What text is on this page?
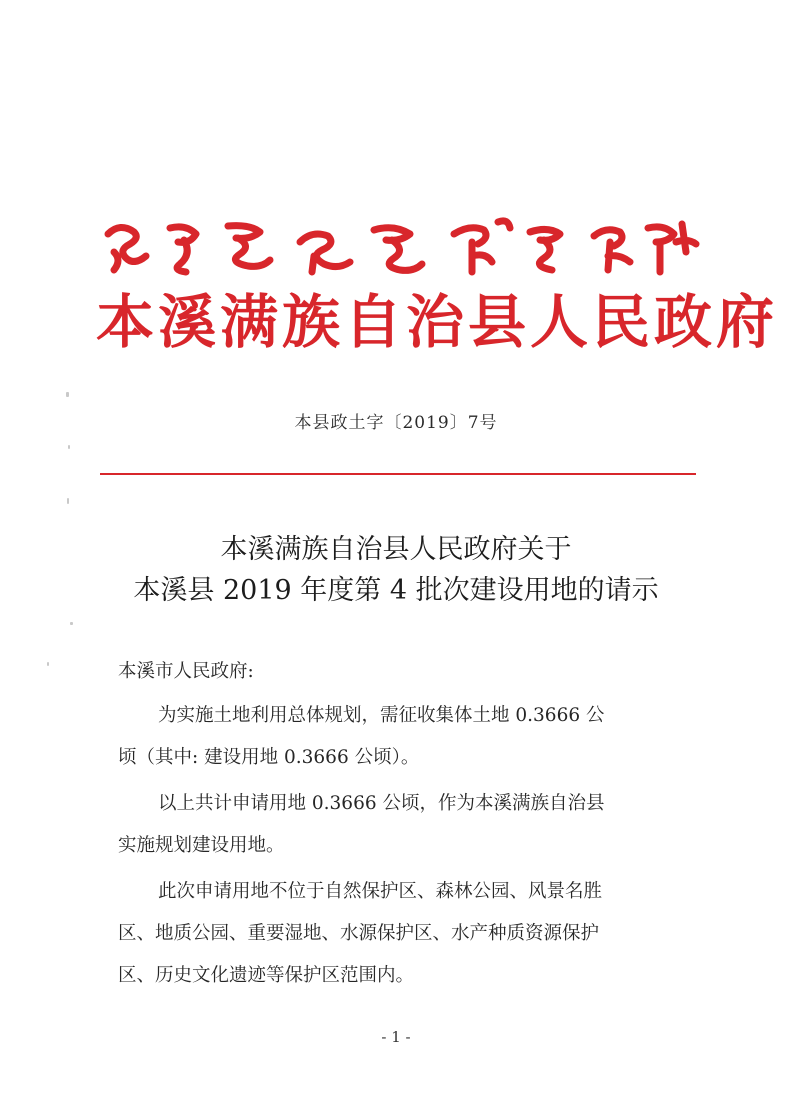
本溪满族自治县人民政府
本县政土字〔2019〕7号
本溪满族自治县人民政府关于
本溪县 2019 年度第 4 批次建设用地的请示
本溪市人民政府:
为实施土地利用总体规划，需征收集体土地 0.3666 公
顷（其中: 建设用地 0.3666 公顷）。
以上共计申请用地 0.3666 公顷，作为本溪满族自治县
实施规划建设用地。
此次申请用地不位于自然保护区、森林公园、风景名胜
区、地质公园、重要湿地、水源保护区、水产种质资源保护
区、历史文化遗迹等保护区范围内。
- 1 -
